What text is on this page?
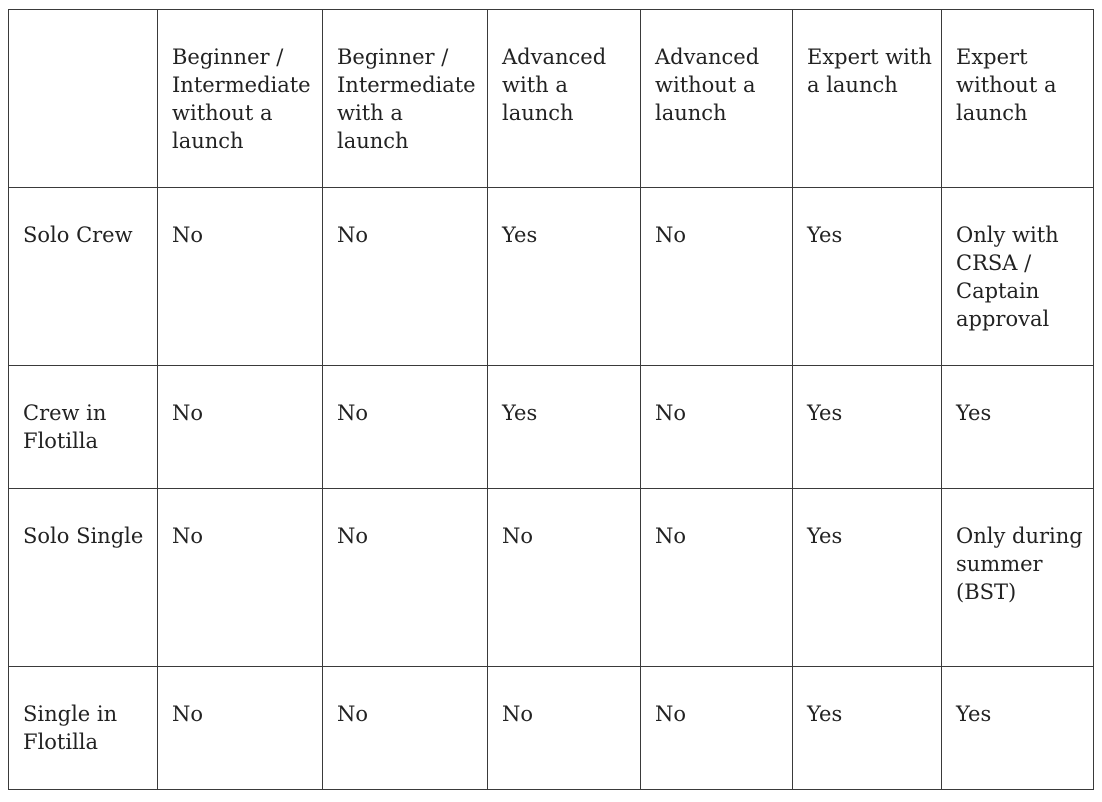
	Beginner / Intermediate without a launch	Beginner / Intermediate with a launch	Advanced with a launch	Advanced without a launch	Expert with a launch	Expert without a launch
Solo Crew	No	No	Yes	No	Yes	Only with CRSA / Captain approval
Crew in Flotilla	No	No	Yes	No	Yes	Yes
Solo Single	No	No	No	No	Yes	Only during summer (BST)
Single in Flotilla	No	No	No	No	Yes	Yes
